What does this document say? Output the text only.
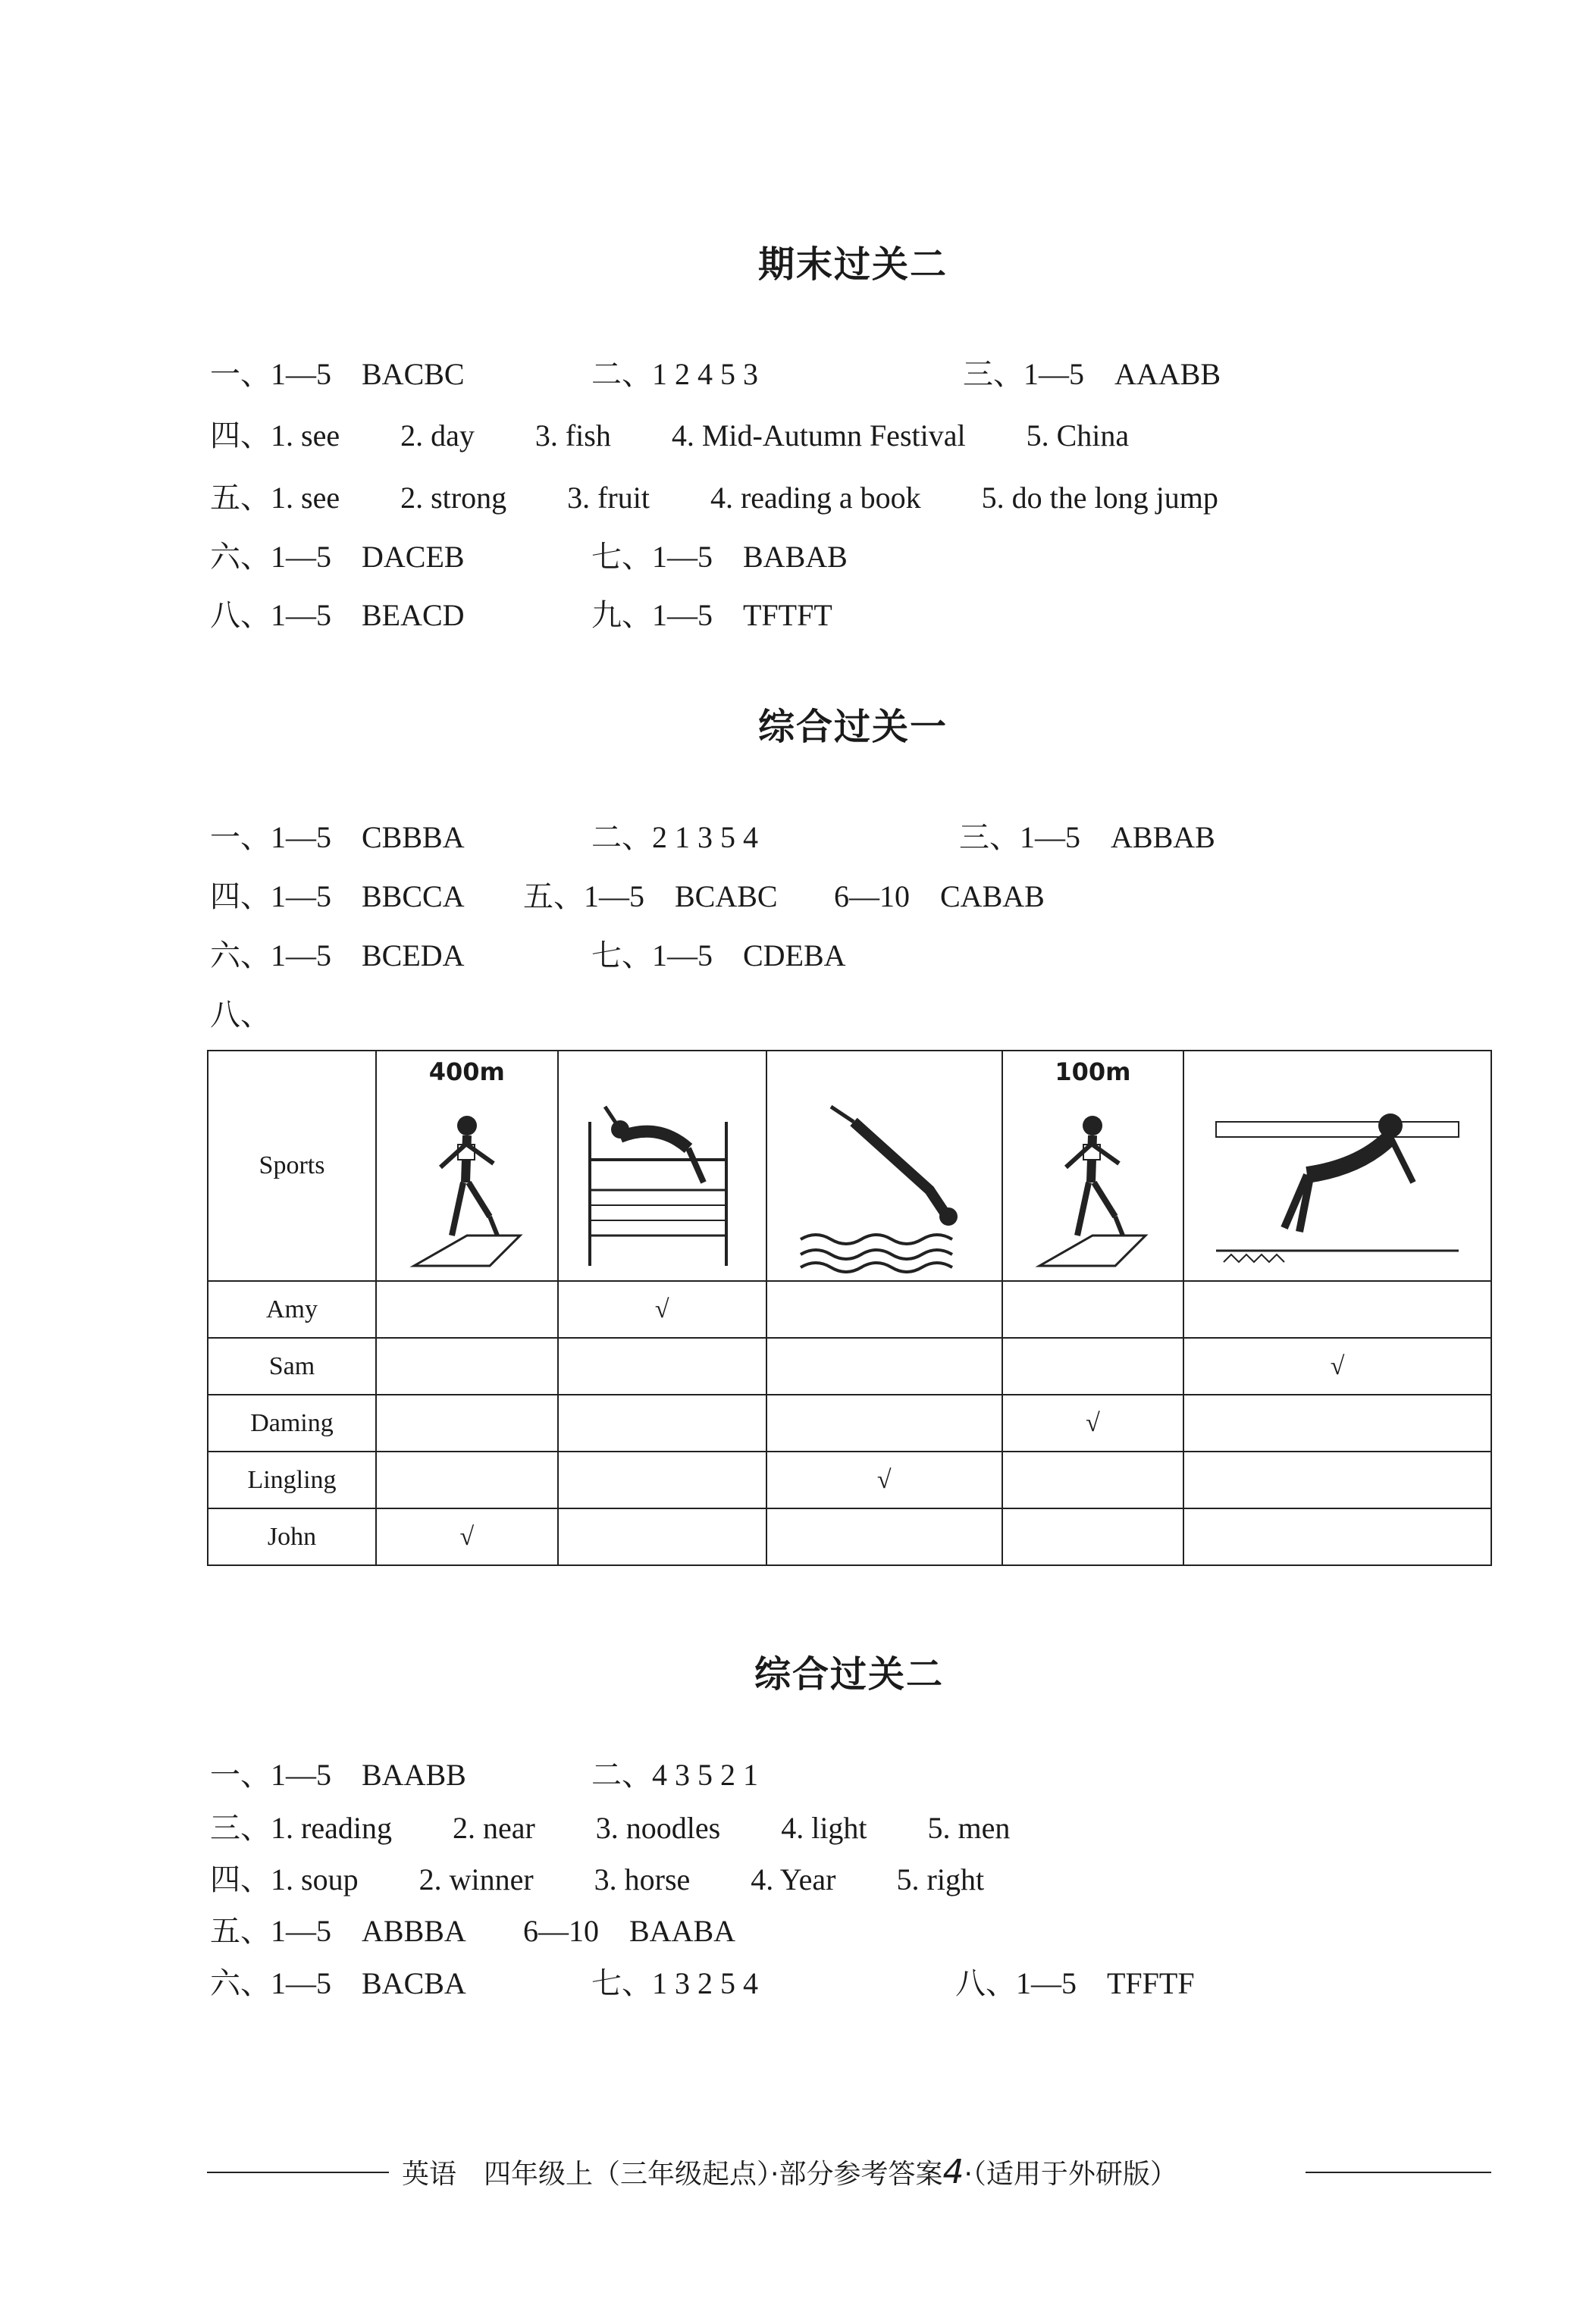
期末过关二
一、1—5　BACBC	二、1 2 4 5 3	三、1—5　AAABB
四、1. see　　2. day　　3. fish　　4. Mid-Autumn Festival　　5. China
五、1. see　　2. strong　　3. fruit　　4. reading a book　　5. do the long jump
六、1—5　DACEB	七、1—5　BABAB
八、1—5　BEACD	九、1—5　TFTFT
综合过关一
一、1—5　CBBBA	二、2 1 3 5 4	三、1—5　ABBAB
四、1—5　BBCCA 五、1—5　BCABC 6—10　CABAB
六、1—5　BCEDA	七、1—5　CDEBA
八、
Sports	400m			100m

Amy		√			
Sam					√
Daming				√	
Lingling			√		
John	√				
综合过关二
一、1—5　BAABB	二、4 3 5 2 1
三、1. reading　　2. near　　3. noodles　　4. light　　5. men
四、1. soup　　2. winner　　3. horse　　4. Year　　5. right
五、1—5　ABBBA 6—10　BAABA
六、1—5　BACBA	七、1 3 2 5 4	八、1—5　TFFTF
英语　四年级上（三年级起点）·部分参考答案4·（适用于外研版）
